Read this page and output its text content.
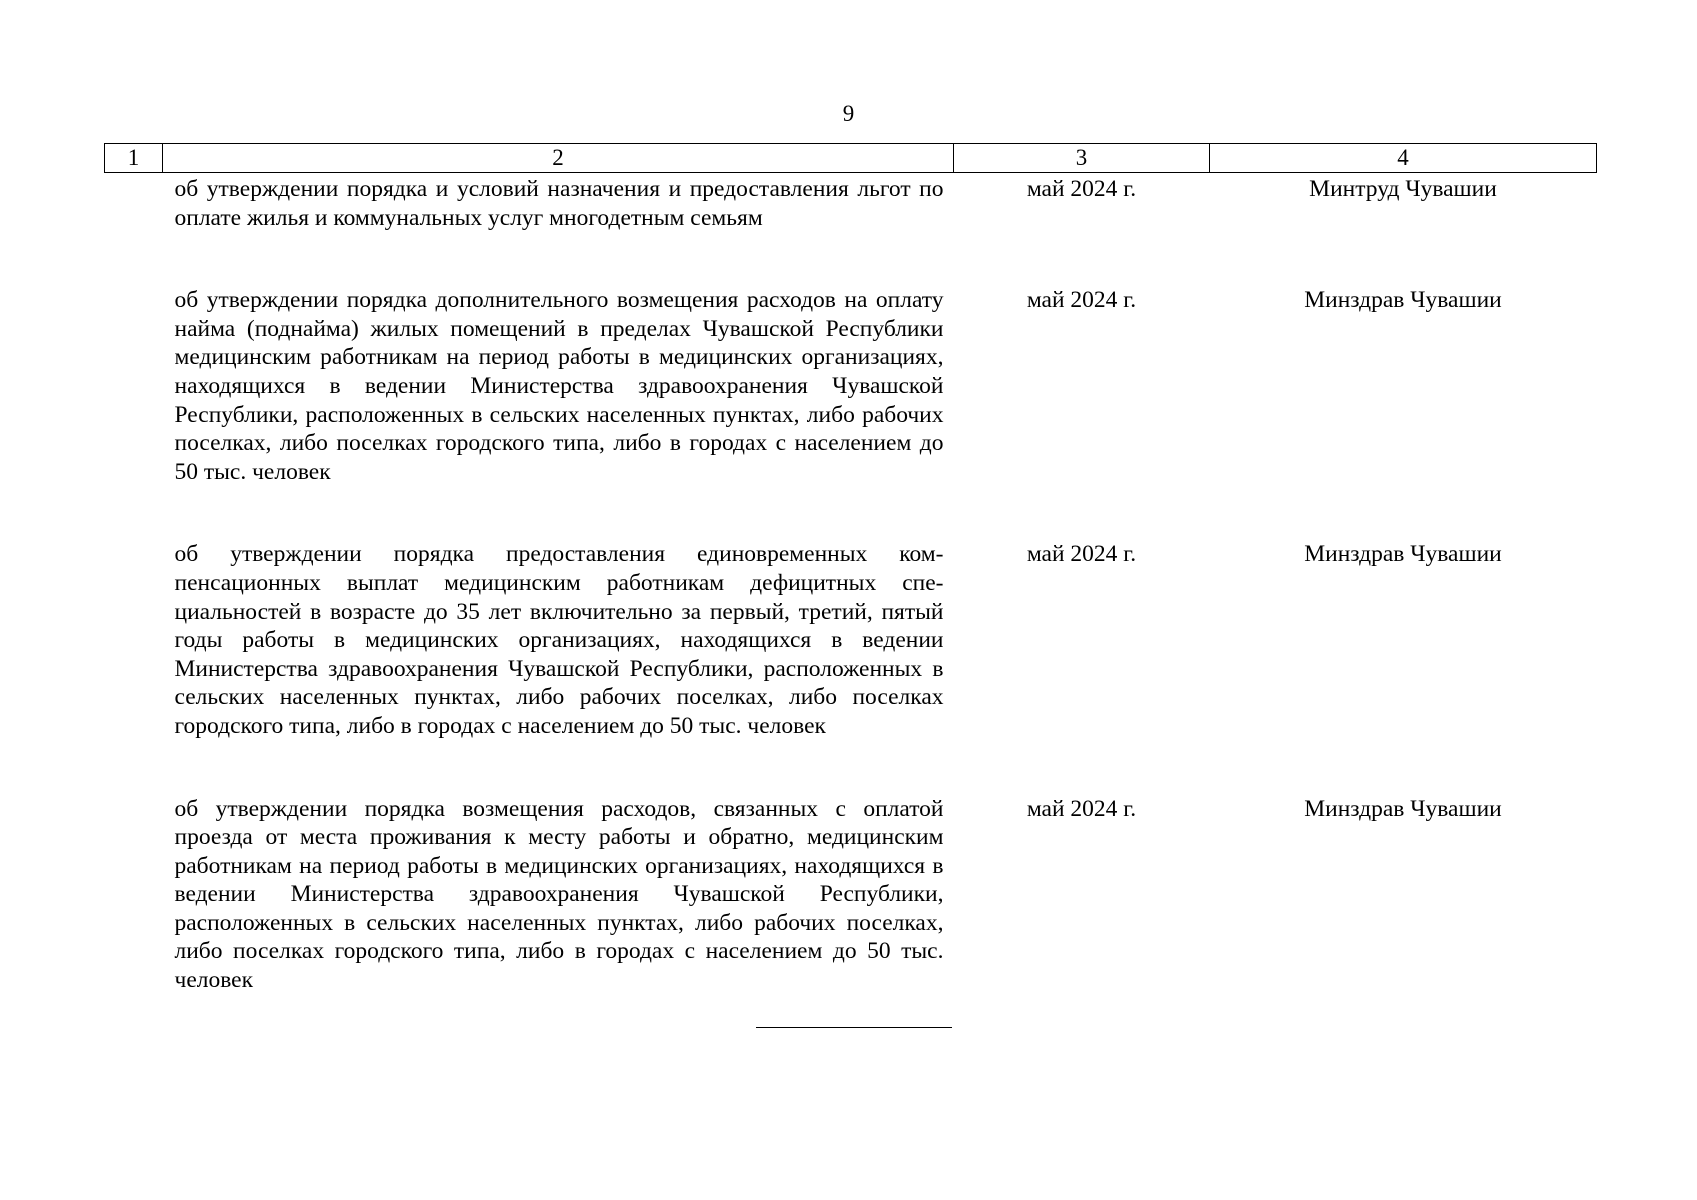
9
1	2	3	4
	об утверждении порядка и условий назначения и предоставления льгот по оплате жилья и коммунальных услуг многодетным семьям	май 2024 г.	Минтруд Чувашии
	об утверждении порядка дополнительного возмещения расходов на оплату найма (поднайма) жилых помещений в пределах Чувашской Республики медицинским работникам на период работы в медицинских организациях, находящихся в ведении Министерства здравоохранения Чувашской Республики, расположенных в сельских населенных пунктах, либо рабочих поселках, либо поселках городского типа, либо в городах с населением до 50 тыс. человек	май 2024 г.	Минздрав Чувашии
	об утверждении порядка предоставления единовременных компенсационных выплат медицинским работникам дефицитных специальностей в возрасте до 35 лет включительно за первый, третий, пятый годы работы в медицинских организациях, находящихся в ведении Министерства здравоохранения Чувашской Республики, расположенных в сельских населенных пунктах, либо рабочих поселках, либо поселках городского типа, либо в городах с населением до 50 тыс. человек	май 2024 г.	Минздрав Чувашии
	об утверждении порядка возмещения расходов, связанных с оплатой проезда от места проживания к месту работы и обратно, медицинским работникам на период работы в медицинских организациях, находящихся в ведении Министерства здравоохранения Чувашской Республики, расположенных в сельских населенных пунктах, либо рабочих поселках, либо поселках городского типа, либо в городах с населением до 50 тыс. человек	май 2024 г.	Минздрав Чувашии
